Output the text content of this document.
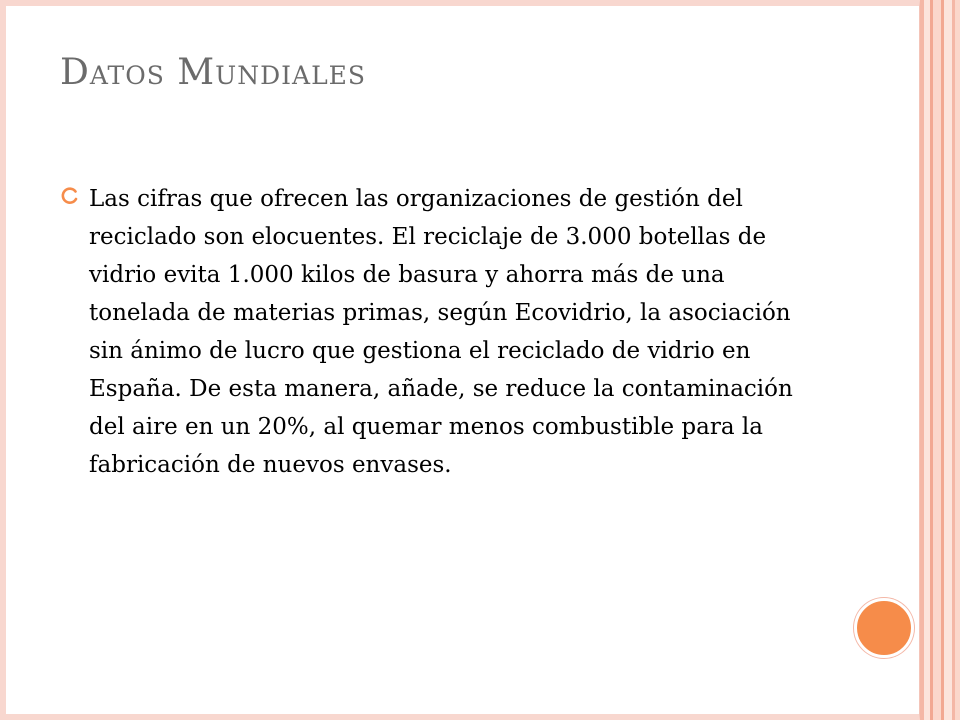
Datos Mundiales

Las cifras que ofrecen las organizaciones de gestión del reciclado son elocuentes. El reciclaje de 3.000 botellas de vidrio evita 1.000 kilos de basura y ahorra más de una tonelada de materias primas, según Ecovidrio, la asociación sin ánimo de lucro que gestiona el reciclado de vidrio en España. De esta manera, añade, se reduce la contaminación del aire en un 20%, al quemar menos combustible para la fabricación de nuevos envases.
